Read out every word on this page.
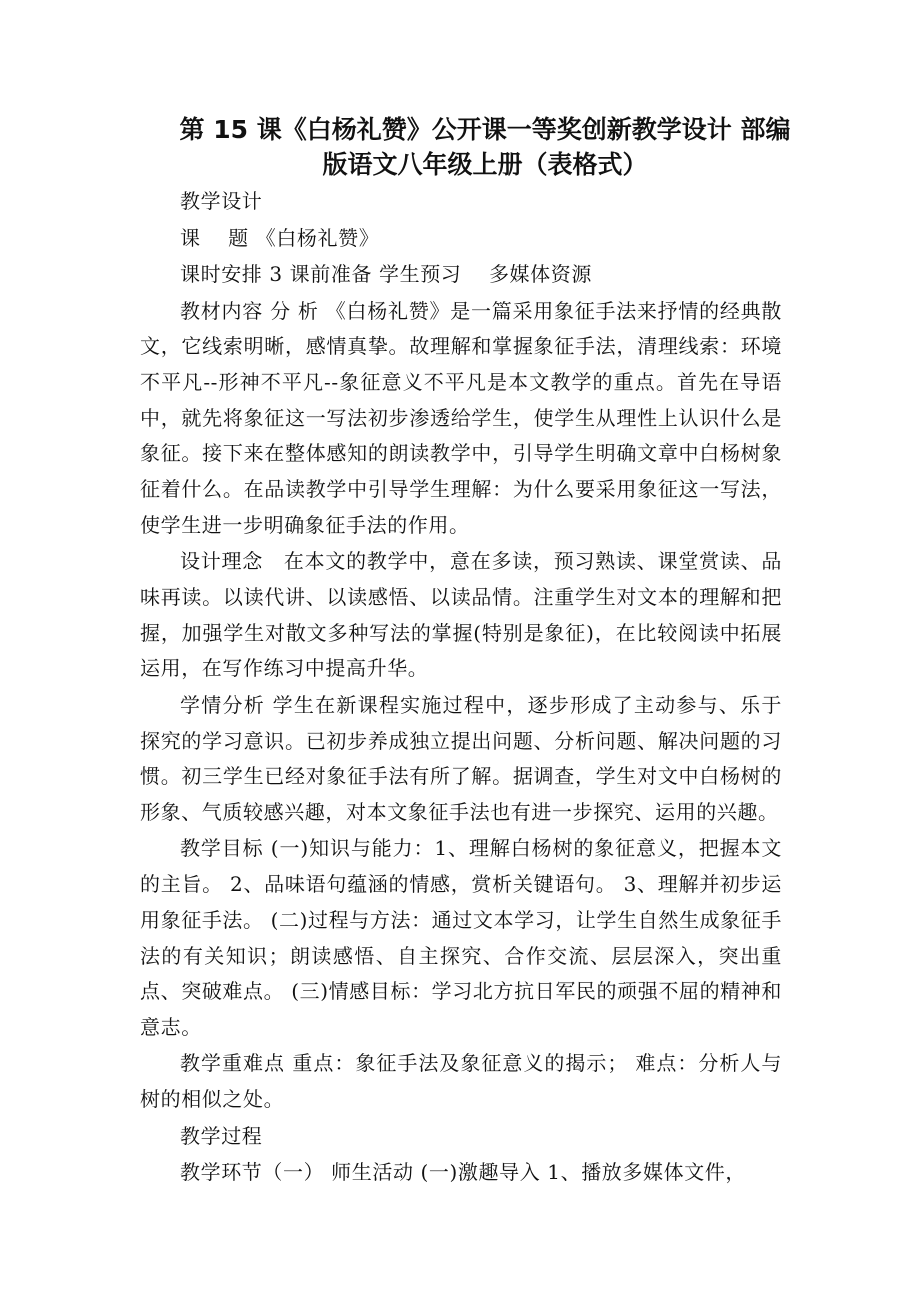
第 15 课《白杨礼赞》公开课一等奖创新教学设计 部编
版语文八年级上册（表格式）

教学设计

课　 题 《白杨礼赞》

课时安排 3 课前准备 学生预习　 多媒体资源

教材内容 分 析 《白杨礼赞》是一篇采用象征手法来抒情的经典散文，它线索明晰，感情真挚。故理解和掌握象征手法，清理线索：环境不平凡--形神不平凡--象征意义不平凡是本文教学的重点。首先在导语中，就先将象征这一写法初步渗透给学生，使学生从理性上认识什么是象征。接下来在整体感知的朗读教学中，引导学生明确文章中白杨树象征着什么。在品读教学中引导学生理解：为什么要采用象征这一写法，使学生进一步明确象征手法的作用。

设计理念　在本文的教学中，意在多读，预习熟读、课堂赏读、品味再读。以读代讲、以读感悟、以读品情。注重学生对文本的理解和把握，加强学生对散文多种写法的掌握(特别是象征)，在比较阅读中拓展运用，在写作练习中提高升华。

学情分析 学生在新课程实施过程中，逐步形成了主动参与、乐于探究的学习意识。已初步养成独立提出问题、分析问题、解决问题的习惯。初三学生已经对象征手法有所了解。据调查，学生对文中白杨树的形象、气质较感兴趣，对本文象征手法也有进一步探究、运用的兴趣。

教学目标 (一)知识与能力：1、理解白杨树的象征意义，把握本文的主旨。 2、品味语句蕴涵的情感，赏析关键语句。 3、理解并初步运用象征手法。 (二)过程与方法：通过文本学习，让学生自然生成象征手法的有关知识；朗读感悟、自主探究、合作交流、层层深入，突出重点、突破难点。 (三)情感目标：学习北方抗日军民的顽强不屈的精神和意志。

教学重难点 重点：象征手法及象征意义的揭示； 难点：分析人与树的相似之处。

教学过程

教学环节（一） 师生活动 (一)激趣导入 1、播放多媒体文件，
